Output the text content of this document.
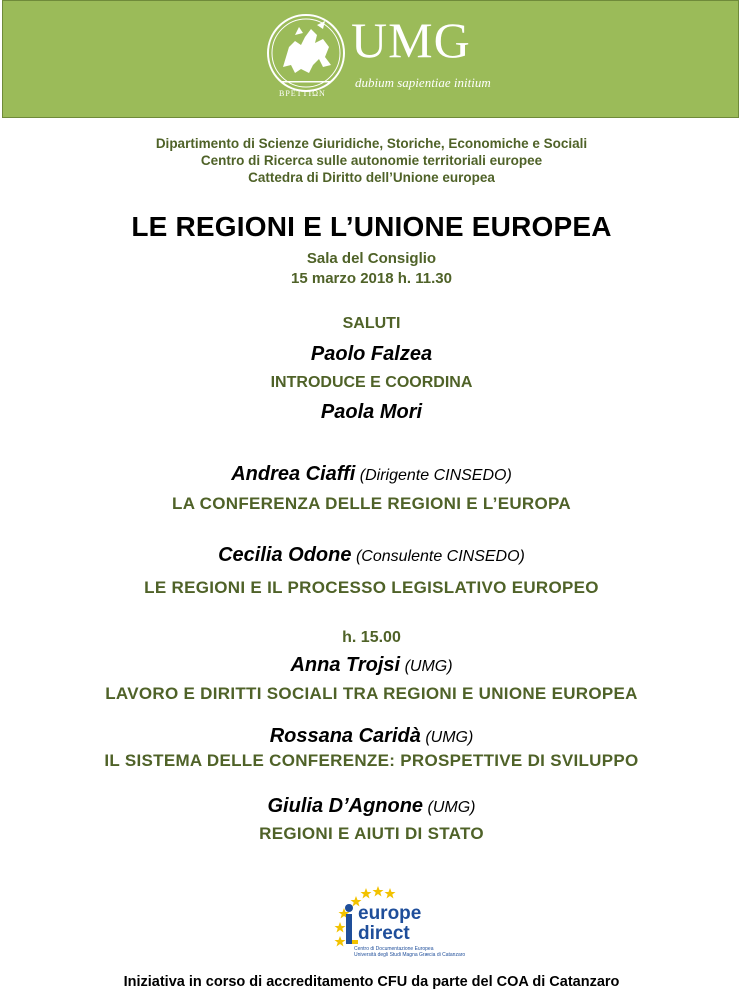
ΒΡΕΤΤΙΩΝ
UMG
dubium sapientiae initium
Dipartimento di Scienze Giuridiche, Storiche, Economiche e Sociali
Centro di Ricerca sulle autonomie territoriali europee
Cattedra di Diritto dell’Unione europea
LE REGIONI E L’UNIONE EUROPEA
Sala del Consiglio
15 marzo 2018 h. 11.30
SALUTI
Paolo Falzea
INTRODUCE E COORDINA
Paola Mori
Andrea Ciaffi (Dirigente CINSEDO)
LA CONFERENZA DELLE REGIONI E L’EUROPA
Cecilia Odone (Consulente CINSEDO)
LE REGIONI E IL PROCESSO LEGISLATIVO EUROPEO
h. 15.00
Anna Trojsi (UMG)
LAVORO E DIRITTI SOCIALI TRA REGIONI E UNIONE EUROPEA
Rossana Caridà (UMG)
IL SISTEMA DELLE CONFERENZE: PROSPETTIVE DI SVILUPPO
Giulia D’Agnone (UMG)
REGIONI E AIUTI DI STATO
europe
direct
Centro di Documentazione Europea
Università degli Studi Magna Græcia di Catanzaro
Iniziativa in corso di accreditamento CFU da parte del COA di Catanzaro
